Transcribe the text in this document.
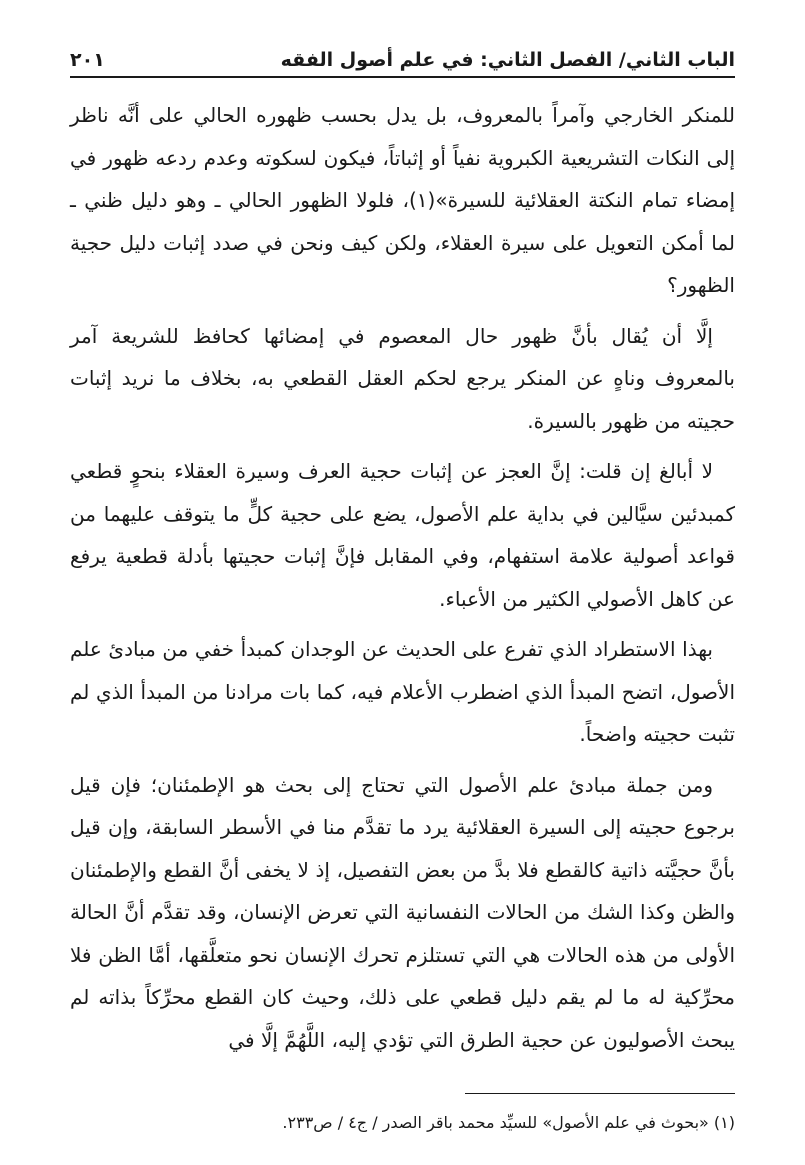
الباب الثاني/ الفصل الثاني: في علم أصول الفقه
٢٠١

للمنكر الخارجي وآمراً بالمعروف، بل يدل بحسب ظهوره الحالي على أنَّه ناظر إلى النكات التشريعية الكبروية نفياً أو إثباتاً، فيكون لسكوته وعدم ردعه ظهور في إمضاء تمام النكتة العقلائية للسيرة»(١)، فلولا الظهور الحالي ـ وهو دليل ظني ـ لما أمكن التعويل على سيرة العقلاء، ولكن كيف ونحن في صدد إثبات دليل حجية الظهور؟

إلَّا أن يُقال بأنَّ ظهور حال المعصوم في إمضائها كحافظ للشريعة آمر بالمعروف وناهٍ عن المنكر يرجع لحكم العقل القطعي به، بخلاف ما نريد إثبات حجيته من ظهور بالسيرة.

لا أبالغ إن قلت: إنَّ العجز عن إثبات حجية العرف وسيرة العقلاء بنحوٍ قطعي كمبدئين سيَّالين في بداية علم الأصول، يضع على حجية كلٍّ ما يتوقف عليهما من قواعد أصولية علامة استفهام، وفي المقابل فإنَّ إثبات حجيتها بأدلة قطعية يرفع عن كاهل الأصولي الكثير من الأعباء.

بهذا الاستطراد الذي تفرع على الحديث عن الوجدان كمبدأ خفي من مبادئ علم الأصول، اتضح المبدأ الذي اضطرب الأعلام فيه، كما بات مرادنا من المبدأ الذي لم تثبت حجيته واضحاً.

ومن جملة مبادئ علم الأصول التي تحتاج إلى بحث هو الإطمئنان؛ فإن قيل برجوع حجيته إلى السيرة العقلائية يرد ما تقدَّم منا في الأسطر السابقة، وإن قيل بأنَّ حجيَّته ذاتية كالقطع فلا بدَّ من بعض التفصيل، إذ لا يخفى أنَّ القطع والإطمئنان والظن وكذا الشك من الحالات النفسانية التي تعرض الإنسان، وقد تقدَّم أنَّ الحالة الأولى من هذه الحالات هي التي تستلزم تحرك الإنسان نحو متعلَّقها، أمَّا الظن فلا محرِّكية له ما لم يقم دليل قطعي على ذلك، وحيث كان القطع محرِّكاً بذاته لم يبحث الأصوليون عن حجية الطرق التي تؤدي إليه، اللَّهُمَّ إلَّا في

(١) «بحوث في علم الأصول» للسيِّد محمد باقر الصدر / ج٤ / ص٢٣٣.
